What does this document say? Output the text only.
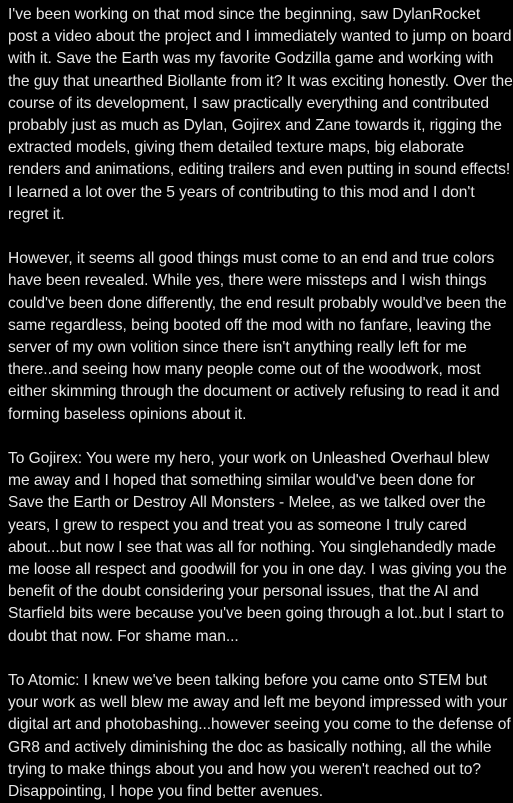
I've been working on that mod since the beginning, saw DylanRocket post a video about the project and I immediately wanted to jump on board with it. Save the Earth was my favorite Godzilla game and working with the guy that unearthed Biollante from it? It was exciting honestly. Over the course of its development, I saw practically everything and contributed probably just as much as Dylan, Gojirex and Zane towards it, rigging the extracted models, giving them detailed texture maps, big elaborate renders and animations, editing trailers and even putting in sound effects! I learned a lot over the 5 years of contributing to this mod and I don't regret it.

However, it seems all good things must come to an end and true colors have been revealed. While yes, there were missteps and I wish things could've been done differently, the end result probably would've been the same regardless, being booted off the mod with no fanfare, leaving the server of my own volition since there isn't anything really left for me there..and seeing how many people come out of the woodwork, most either skimming through the document or actively refusing to read it and forming baseless opinions about it.

To Gojirex: You were my hero, your work on Unleashed Overhaul blew me away and I hoped that something similar would've been done for Save the Earth or Destroy All Monsters - Melee, as we talked over the years, I grew to respect you and treat you as someone I truly cared about...but now I see that was all for nothing. You singlehandedly made me loose all respect and goodwill for you in one day. I was giving you the benefit of the doubt considering your personal issues, that the AI and Starfield bits were because you've been going through a lot..but I start to doubt that now. For shame man...

To Atomic: I knew we've been talking before you came onto STEM but your work as well blew me away and left me beyond impressed with your digital art and photobashing...however seeing you come to the defense of GR8 and actively diminishing the doc as basically nothing, all the while trying to make things about you and how you weren't reached out to? Disappointing, I hope you find better avenues.
